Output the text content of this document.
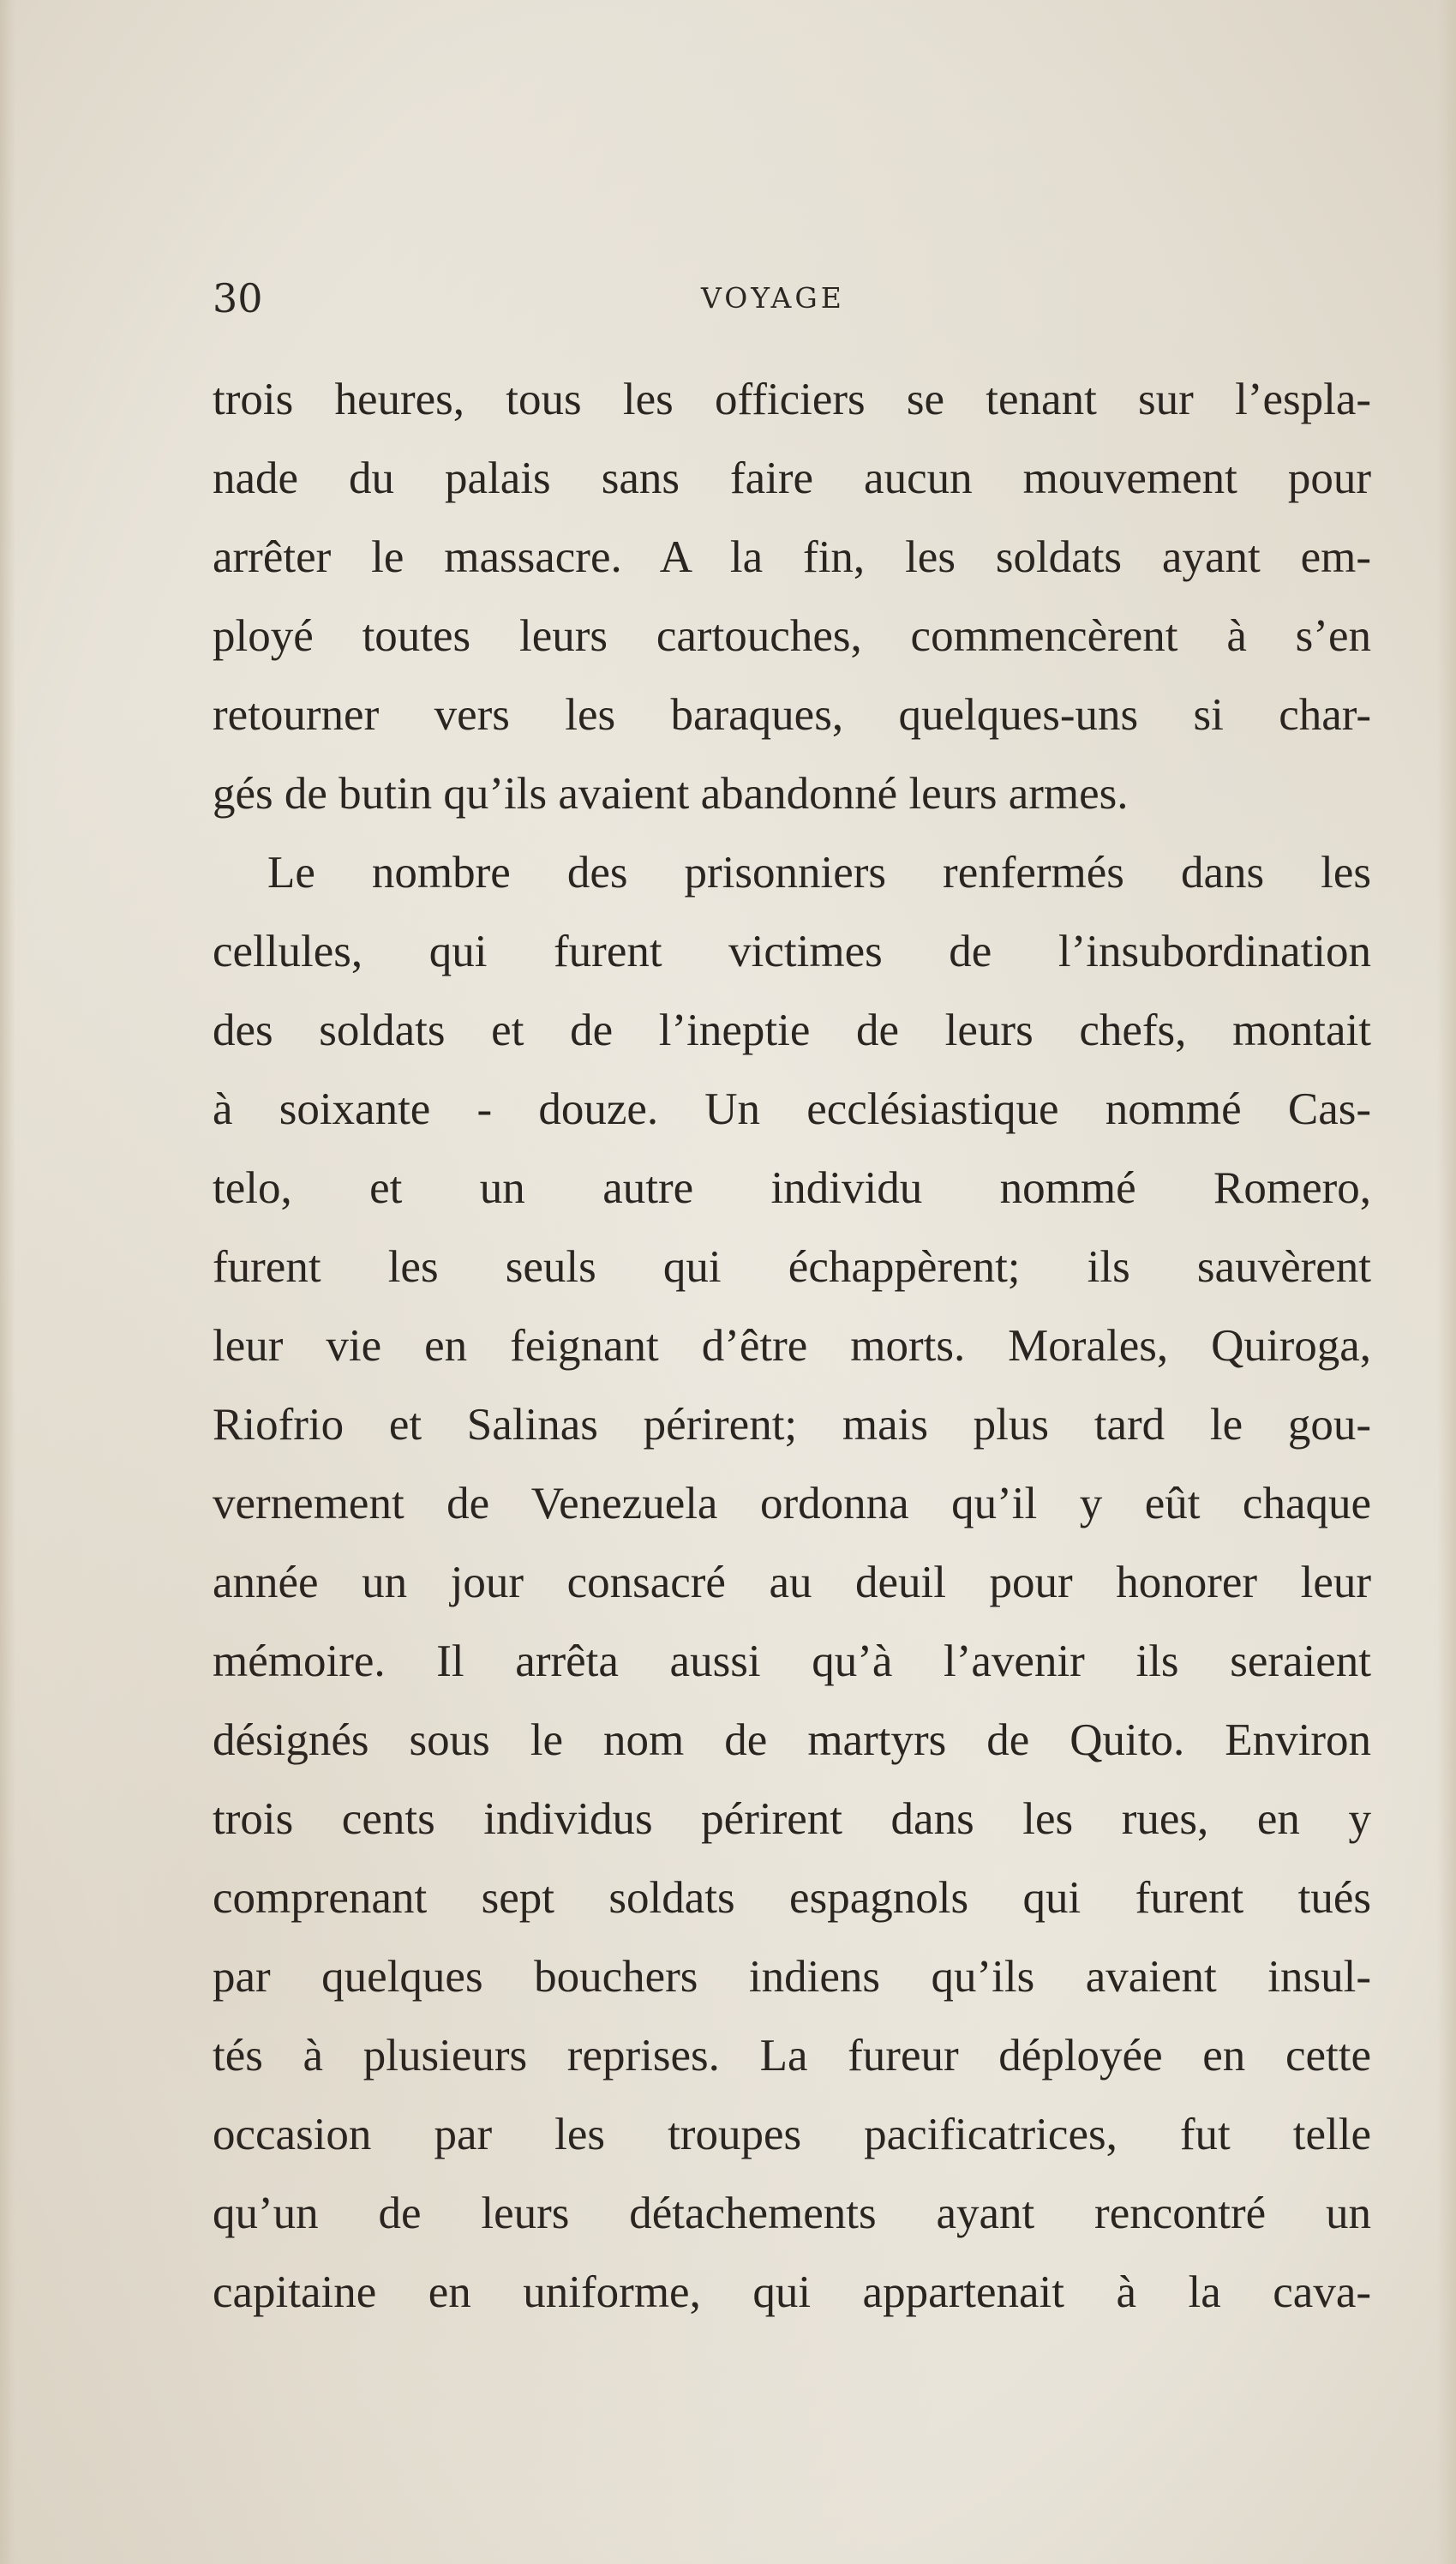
30	VOYAGE
trois heures, tous les officiers se tenant sur l’espla-
nade du palais sans faire aucun mouvement pour
arrêter le massacre. A la fin, les soldats ayant em-
ployé toutes leurs cartouches, commencèrent à s’en
retourner vers les baraques, quelques-uns si char-
gés de butin qu’ils avaient abandonné leurs armes.
Le nombre des prisonniers renfermés dans les
cellules, qui furent victimes de l’insubordination
des soldats et de l’ineptie de leurs chefs, montait
à soixante - douze. Un ecclésiastique nommé Cas-
telo, et un autre individu nommé Romero,
furent les seuls qui échappèrent; ils sauvèrent
leur vie en feignant d’être morts. Morales, Quiroga,
Riofrio et Salinas périrent; mais plus tard le gou-
vernement de Venezuela ordonna qu’il y eût chaque
année un jour consacré au deuil pour honorer leur
mémoire. Il arrêta aussi qu’à l’avenir ils seraient
désignés sous le nom de martyrs de Quito. Environ
trois cents individus périrent dans les rues, en y
comprenant sept soldats espagnols qui furent tués
par quelques bouchers indiens qu’ils avaient insul-
tés à plusieurs reprises. La fureur déployée en cette
occasion par les troupes pacificatrices, fut telle
qu’un de leurs détachements ayant rencontré un
capitaine en uniforme, qui appartenait à la cava-
